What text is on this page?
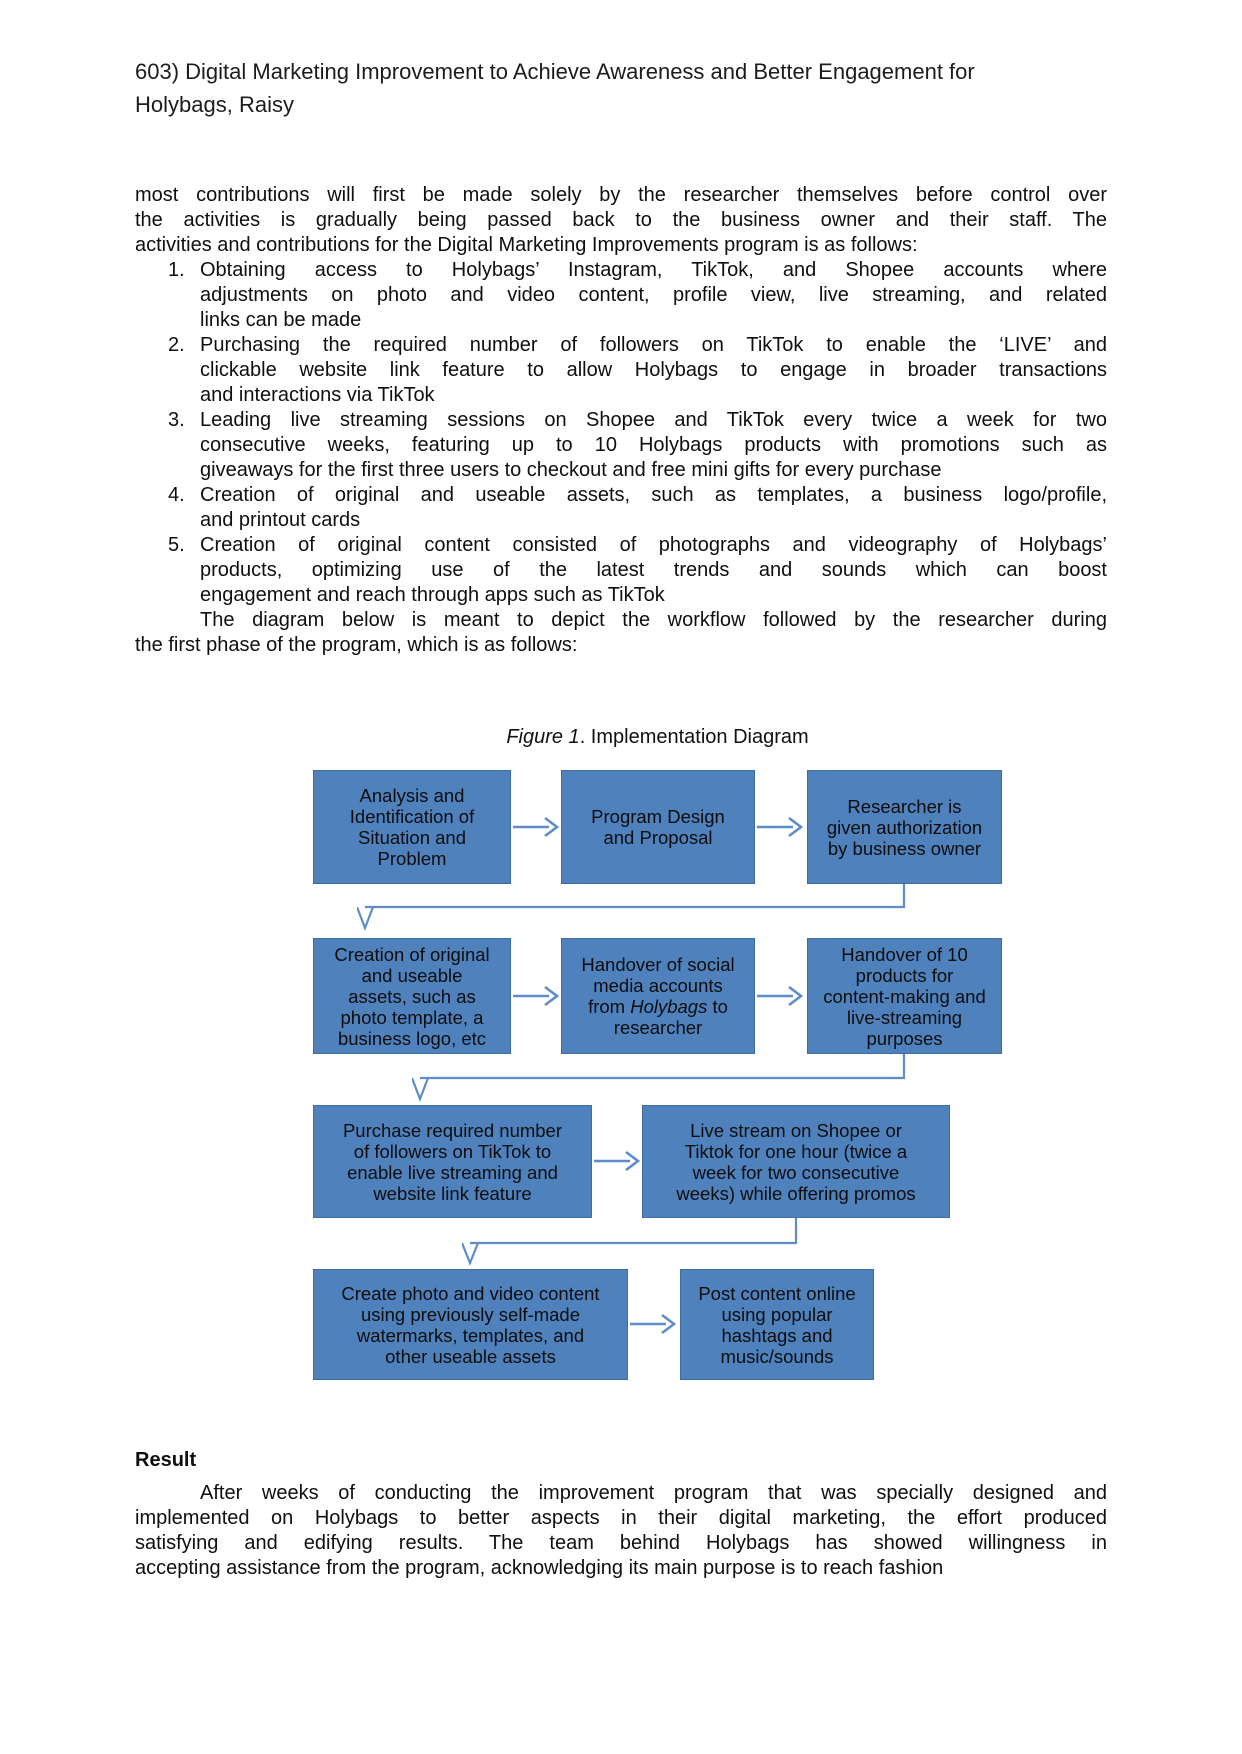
603) Digital Marketing Improvement to Achieve Awareness and Better Engagement for
Holybags, Raisy
most contributions will first be made solely by the researcher themselves before control over
the activities is gradually being passed back to the business owner and their staff. The
activities and contributions for the Digital Marketing Improvements program is as follows:
1. Obtaining access to Holybags’ Instagram, TikTok, and Shopee accounts where
adjustments on photo and video content, profile view, live streaming, and related
links can be made
2. Purchasing the required number of followers on TikTok to enable the ‘LIVE’ and
clickable website link feature to allow Holybags to engage in broader transactions
and interactions via TikTok
3. Leading live streaming sessions on Shopee and TikTok every twice a week for two
consecutive weeks, featuring up to 10 Holybags products with promotions such as
giveaways for the first three users to checkout and free mini gifts for every purchase
4. Creation of original and useable assets, such as templates, a business logo/profile,
and printout cards
5. Creation of original content consisted of photographs and videography of Holybags’
products, optimizing use of the latest trends and sounds which can boost
engagement and reach through apps such as TikTok
The diagram below is meant to depict the workflow followed by the researcher during
the first phase of the program, which is as follows:
Figure 1. Implementation Diagram
Analysis and
Identification of
Situation and
Problem
Program Design
and Proposal
Researcher is
given authorization
by business owner
Creation of original
and useable
assets, such as
photo template, a
business logo, etc
Handover of social
media accounts
from Holybags to
researcher
Handover of 10
products for
content-making and
live-streaming
purposes
Purchase required number
of followers on TikTok to
enable live streaming and
website link feature
Live stream on Shopee or
Tiktok for one hour (twice a
week for two consecutive
weeks) while offering promos
Create photo and video content
using previously self-made
watermarks, templates, and
other useable assets
Post content online
using popular
hashtags and
music/sounds
Result
After weeks of conducting the improvement program that was specially designed and
implemented on Holybags to better aspects in their digital marketing, the effort produced
satisfying and edifying results. The team behind Holybags has showed willingness in
accepting assistance from the program, acknowledging its main purpose is to reach fashion
